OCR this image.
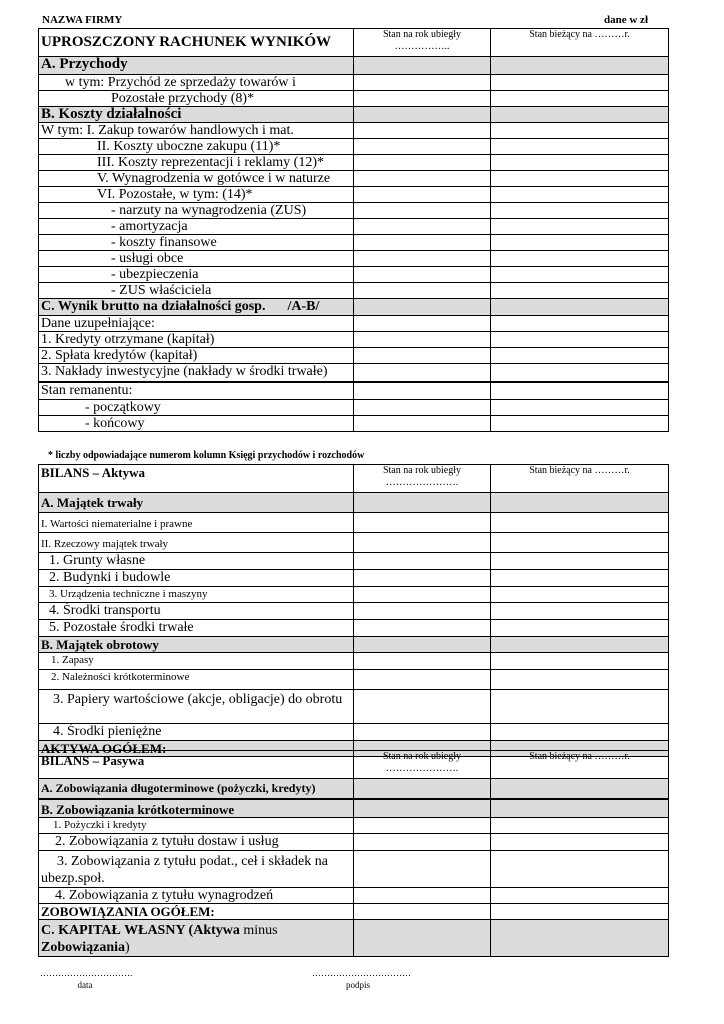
NAZWA FIRMY	dane w zł
UPROSZCZONY RACHUNEK WYNIKÓW	Stan na rok ubiegły ……………..	Stan bieżący na ………r.
A. Przychody		
w tym: Przychód ze sprzedaży towarów i		
Pozostałe przychody (8)*		
B. Koszty działalności		
W tym: I. Zakup towarów handlowych i mat.		
II. Koszty uboczne zakupu (11)*		
III. Koszty reprezentacji i reklamy (12)*		
V. Wynagrodzenia w gotówce i w naturze		
VI. Pozostałe, w tym: (14)*		
- narzuty na wynagrodzenia (ZUS)		
- amortyzacja		
- koszty finansowe		
- usługi obce		
- ubezpieczenia		
- ZUS właściciela		
C. Wynik brutto na działalności gosp. /A-B/		
Dane uzupełniające:		
1. Kredyty otrzymane (kapitał)		
2. Spłata kredytów (kapitał)		
3. Nakłady inwestycyjne (nakłady w środki trwałe)		
Stan remanentu:		
- początkowy		
- końcowy		
* liczby odpowiadające numerom kolumn Księgi przychodów i rozchodów
BILANS – Aktywa	Stan na rok ubiegły ………………….	Stan bieżący na ………r.
A. Majątek trwały		
I. Wartości niematerialne i prawne		
II. Rzeczowy majątek trwały		
1. Grunty własne		
2. Budynki i budowle		
3. Urządzenia techniczne i maszyny		
4. Środki transportu		
5. Pozostałe środki trwałe		
B. Majątek obrotowy		
1. Zapasy		
2. Należności krótkoterminowe		

3. Papiery wartościowe (akcje, obligacje) do obrotu		

4. Środki pieniężne		
AKTYWA OGÓŁEM:		
BILANS – Pasywa	Stan na rok ubiegły ………………….	Stan bieżący na ………r.
A. Zobowiązania długoterminowe (pożyczki, kredyty)		
B. Zobowiązania krótkoterminowe		
1. Pożyczki i kredyty		
2. Zobowiązania z tytułu dostaw i usług		
3. Zobowiązania z tytułu podat., ceł i składek na ubezp.społ.		
4. Zobowiązania z tytułu wynagrodzeń		
ZOBOWIĄZANIA OGÓŁEM:		
C. KAPITAŁ WŁASNY (Aktywa minus
Zobowiązania)		
………………………….
data
……………………………
podpis
